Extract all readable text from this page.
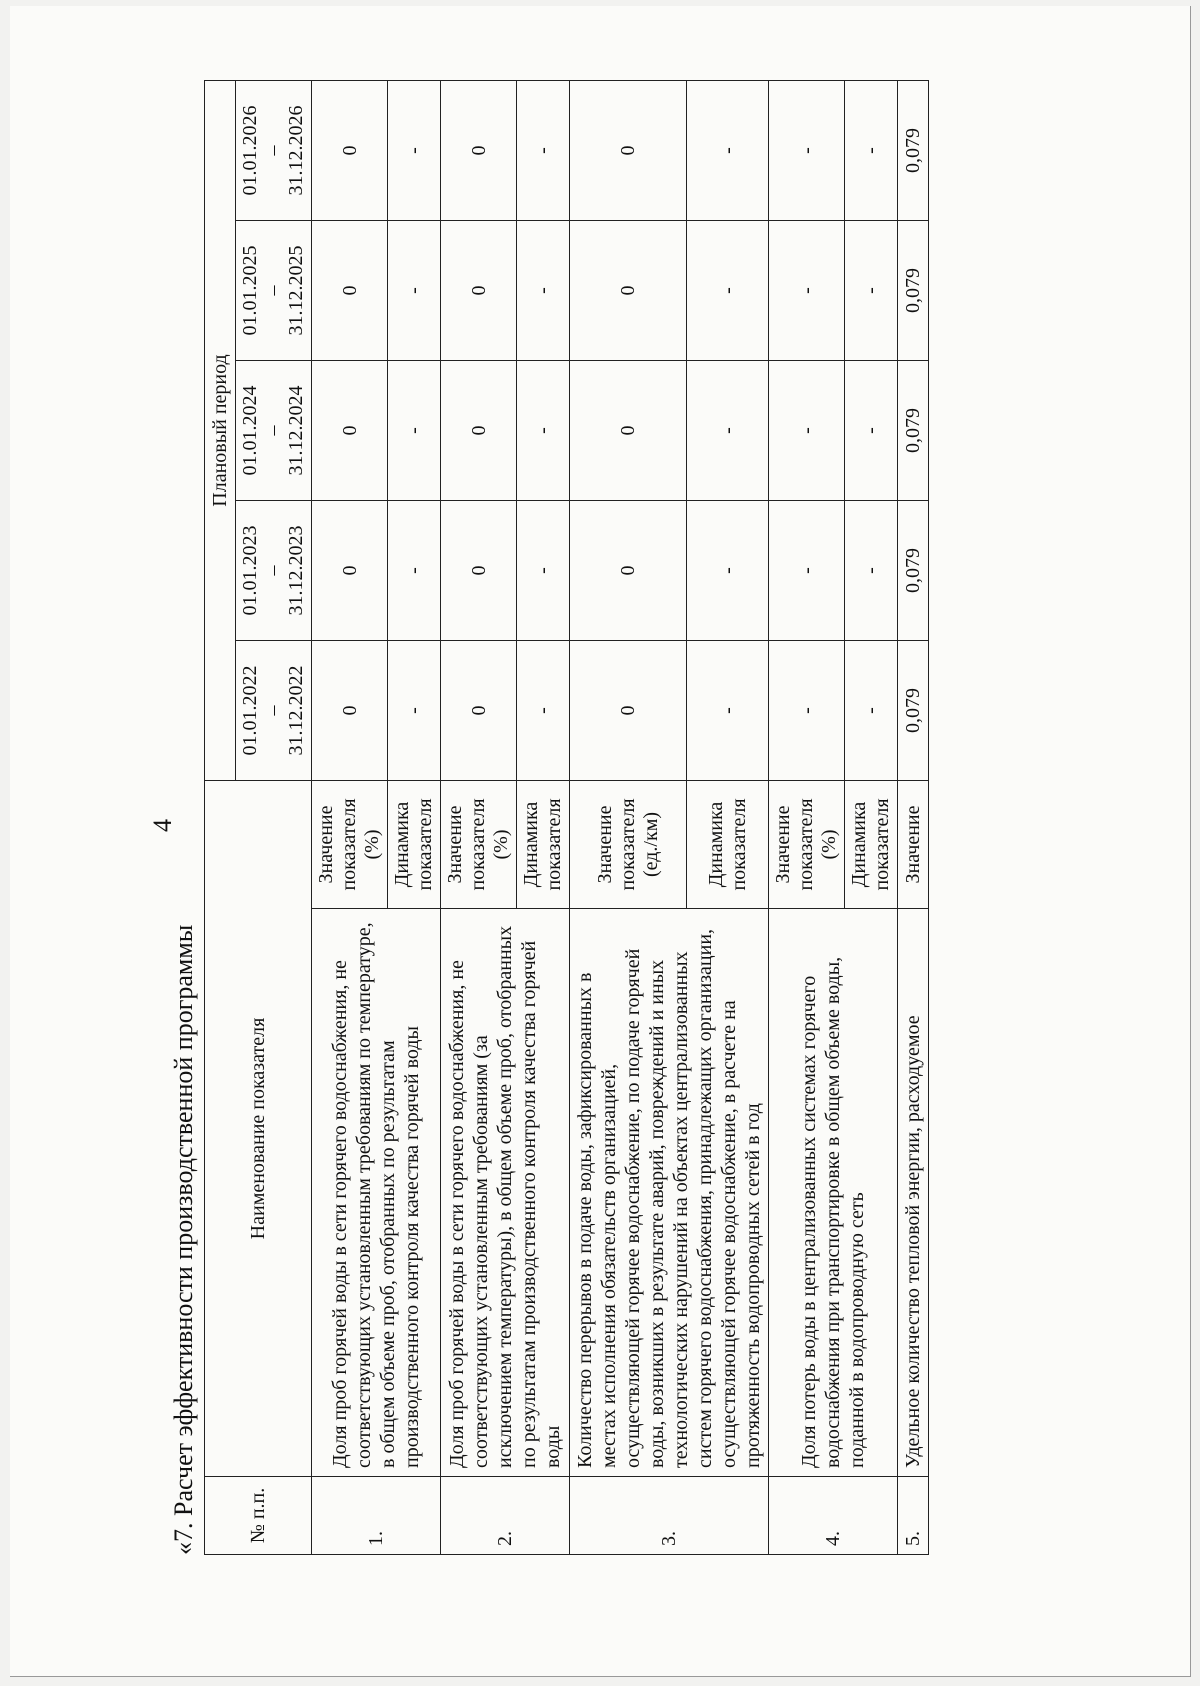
4
«7. Расчет эффективности производственной программы	№ п.п.	Наименование показателя		Плановый период				

			01.01.2022 – 31.12.2022	01.01.2023 – 31.12.2023	01.01.2024 – 31.12.2024	01.01.2025 – 31.12.2025	01.01.2026 – 31.12.2026

1.	Доля проб горячей воды в сети горячего водоснабжения, не соответствующих установленным требованиям по температуре, в общем объеме проб, отобранных по результатам производственного контроля качества горячей воды	Значение показателя (%)	0	0	0	0	0
		Динамика показателя	-	-	-	-	-
2.	Доля проб горячей воды в сети горячего водоснабжения, не соответствующих установленным требованиям (за исключением температуры), в общем объеме проб, отобранных по результатам производственного контроля качества горячей воды	Значение показателя (%)	0	0	0	0	0
		Динамика показателя	-	-	-	-	-
3.	Количество перерывов в подаче воды, зафиксированных в местах исполнения обязательств организацией, осуществляющей горячее водоснабжение, по подаче горячей воды, возникших в результате аварий, повреждений и иных технологических нарушений на объектах централизованных систем горячего водоснабжения, принадлежащих организации, осуществляющей горячее водоснабжение, в расчете на протяженность водопроводных сетей в год	Значение показателя (ед./км)	0	0	0	0	0
		Динамика показателя	-	-	-	-	-
4.	Доля потерь воды в централизованных системах горячего водоснабжения при транспортировке в общем объеме воды, поданной в водопроводную сеть	Значение показателя (%)	-	-	-	-	-
		Динамика показателя	-	-	-	-	-
5.	Удельное количество тепловой энергии, расходуемое	Значение	0,079	0,079	0,079	0,079	0,079
